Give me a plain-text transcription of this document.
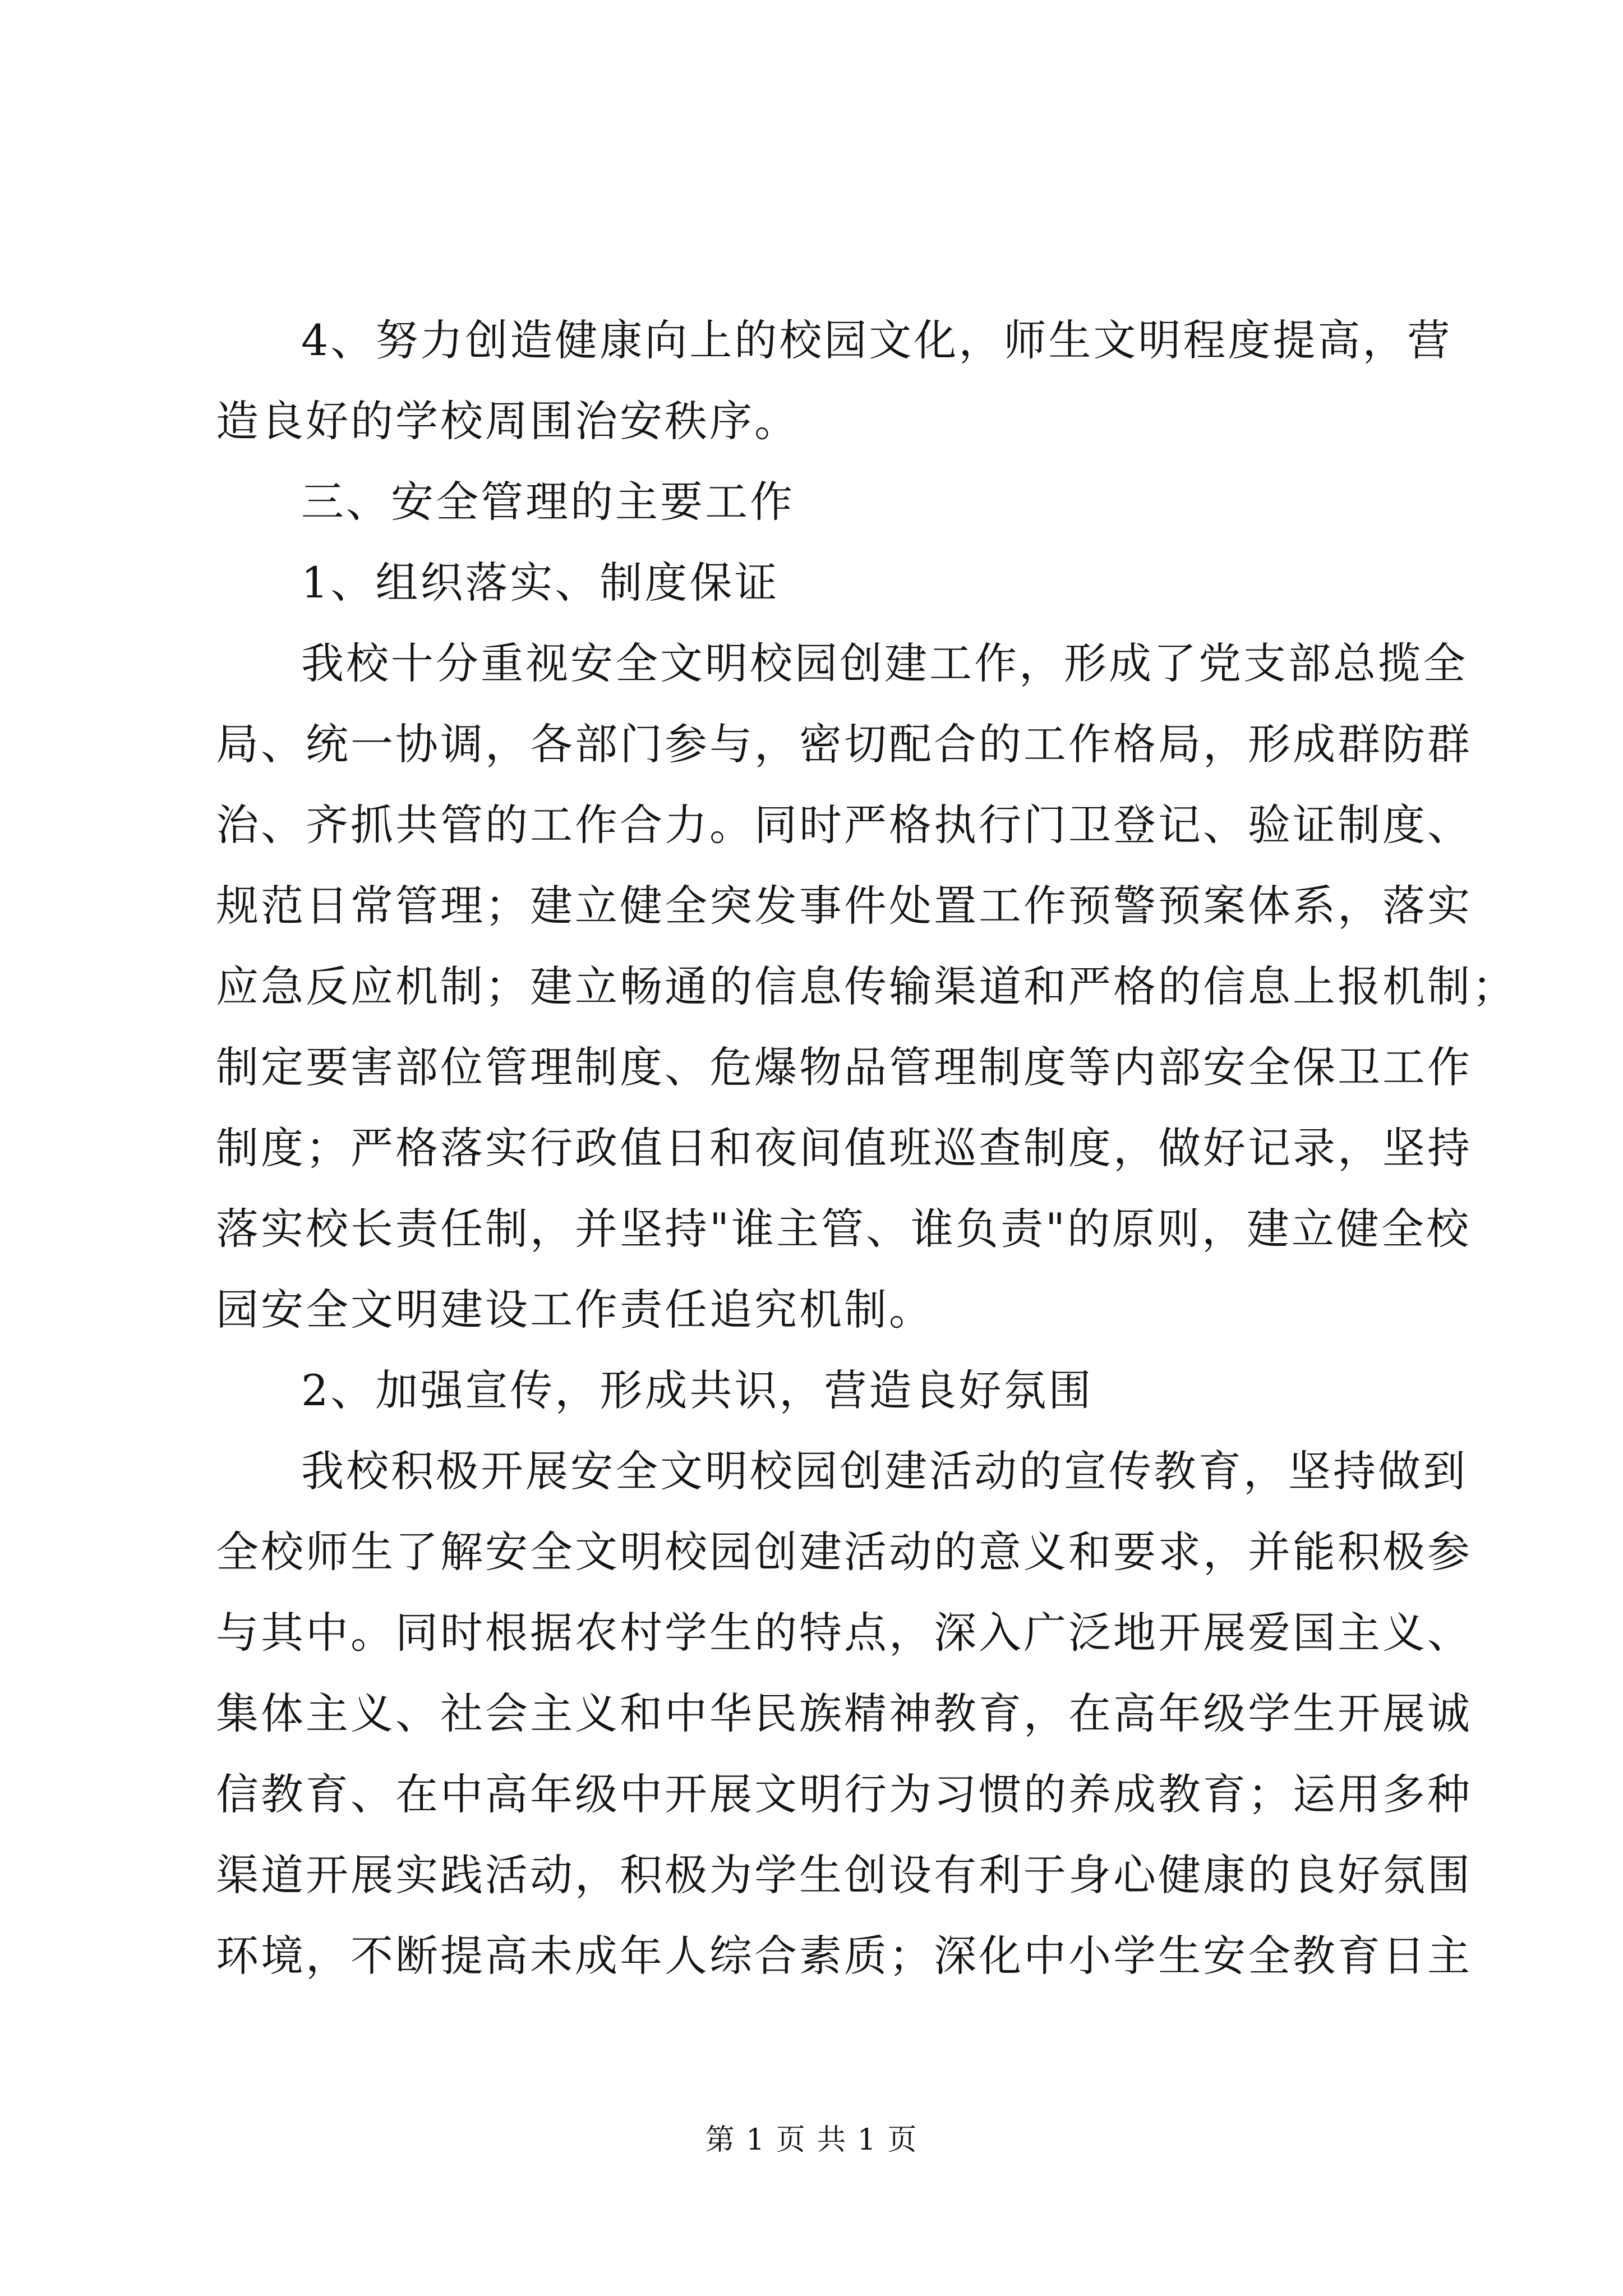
4、努力创造健康向上的校园文化，师生文明程度提高，营
造良好的学校周围治安秩序。

三、安全管理的主要工作

1、组织落实、制度保证

我校十分重视安全文明校园创建工作，形成了党支部总揽全
局、统一协调，各部门参与，密切配合的工作格局，形成群防群
治、齐抓共管的工作合力。同时严格执行门卫登记、验证制度、
规范日常管理；建立健全突发事件处置工作预警预案体系，落实
应急反应机制；建立畅通的信息传输渠道和严格的信息上报机制；
制定要害部位管理制度、危爆物品管理制度等内部安全保卫工作
制度；严格落实行政值日和夜间值班巡查制度，做好记录，坚持
落实校长责任制，并坚持"谁主管、谁负责"的原则，建立健全校
园安全文明建设工作责任追究机制。

2、加强宣传，形成共识，营造良好氛围

我校积极开展安全文明校园创建活动的宣传教育，坚持做到
全校师生了解安全文明校园创建活动的意义和要求，并能积极参
与其中。同时根据农村学生的特点，深入广泛地开展爱国主义、
集体主义、社会主义和中华民族精神教育，在高年级学生开展诚
信教育、在中高年级中开展文明行为习惯的养成教育；运用多种
渠道开展实践活动，积极为学生创设有利于身心健康的良好氛围
环境，不断提高未成年人综合素质；深化中小学生安全教育日主

第 1 页 共 1 页
